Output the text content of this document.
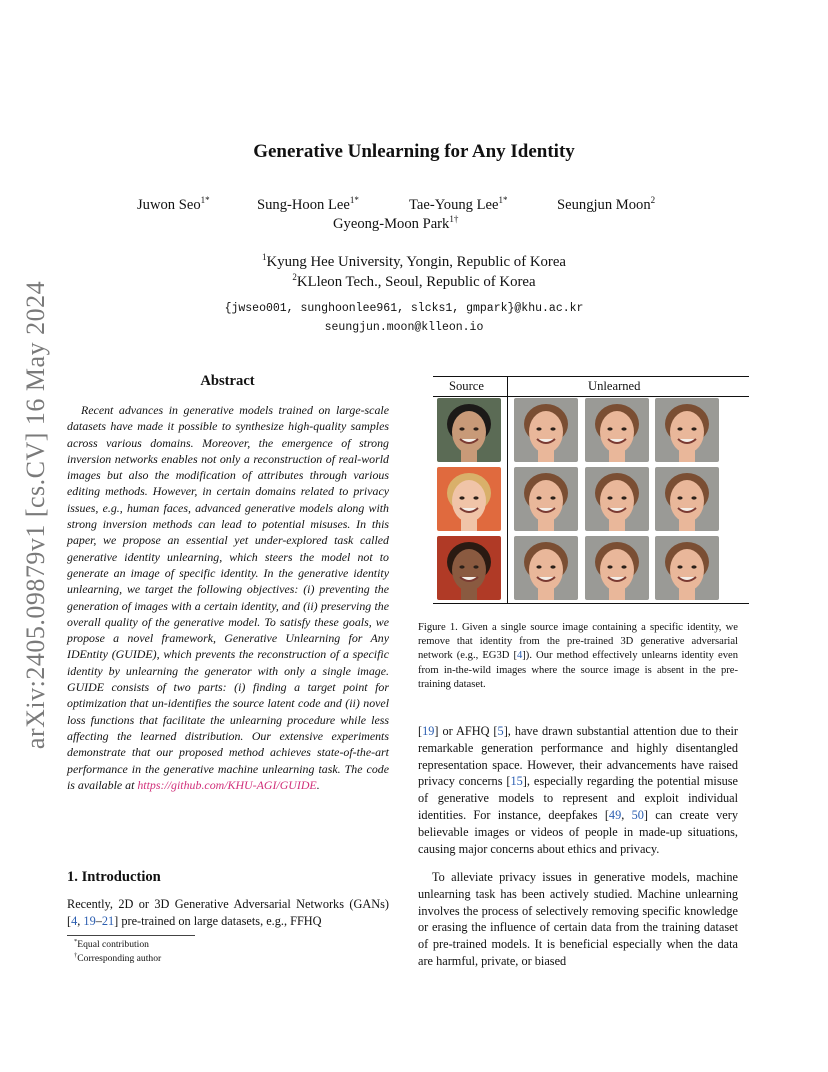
arXiv:2405.09879v1 [cs.CV] 16 May 2024
Generative Unlearning for Any Identity
Juwon Seo$^{1*}$	Sung-Hoon Lee$^{1*}$	Tae-Young Lee$^{1*}$	Seungjun Moon$^2$
Gyeong-Moon Park$^{1\dagger}$
$^1$Kyung Hee University, Yongin, Republic of Korea
$^2$KLleon Tech., Seoul, Republic of Korea
{jwseo001, sunghoonlee961, slcks1, gmpark}@khu.ac.kr
seungjun.moon@klleon.io
Abstract
Recent advances in generative models trained on large-scale datasets have made it possible to synthesize high-quality samples across various domains. Moreover, the emergence of strong inversion networks enables not only a reconstruction of real-world images but also the modification of attributes through various editing methods. However, in certain domains related to privacy issues, e.g., human faces, advanced generative models along with strong inversion methods can lead to potential misuses. In this paper, we propose an essential yet under-explored task called generative identity unlearning, which steers the model not to generate an image of specific identity. In the generative identity unlearning, we target the following objectives: (i) preventing the generation of images with a certain identity, and (ii) preserving the overall quality of the generative model. To satisfy these goals, we propose a novel framework, Generative Unlearning for Any IDEntity (GUIDE), which prevents the reconstruction of a specific identity by unlearning the generator with only a single image. GUIDE consists of two parts: (i) finding a target point for optimization that un-identifies the source latent code and (ii) novel loss functions that facilitate the unlearning procedure while less affecting the learned distribution. Our extensive experiments demonstrate that our proposed method achieves state-of-the-art performance in the generative machine unlearning task. The code is available at https://github.com/KHU-AGI/GUIDE.
1. Introduction
Recently, 2D or 3D Generative Adversarial Networks (GANs) [4, 19–21] pre-trained on large datasets, e.g., FFHQ
*Equal contribution
†Corresponding author
Source	Unlearned
Figure 1. Given a single source image containing a specific identity, we remove that identity from the pre-trained 3D generative adversarial network (e.g., EG3D [4]). Our method effectively unlearns identity even from in-the-wild images where the source image is absent in the pre-training dataset.
[19] or AFHQ [5], have drawn substantial attention due to their remarkable generation performance and highly disentangled representation space. However, their advancements have raised privacy concerns [15], especially regarding the potential misuse of generative models to represent and exploit individual identities. For instance, deepfakes [49, 50] can create very believable images or videos of people in made-up situations, causing major concerns about ethics and privacy.
To alleviate privacy issues in generative models, machine unlearning task has been actively studied. Machine unlearning involves the process of selectively removing specific knowledge or erasing the influence of certain data from the training dataset of pre-trained models. It is beneficial especially when the data are harmful, private, or biased
